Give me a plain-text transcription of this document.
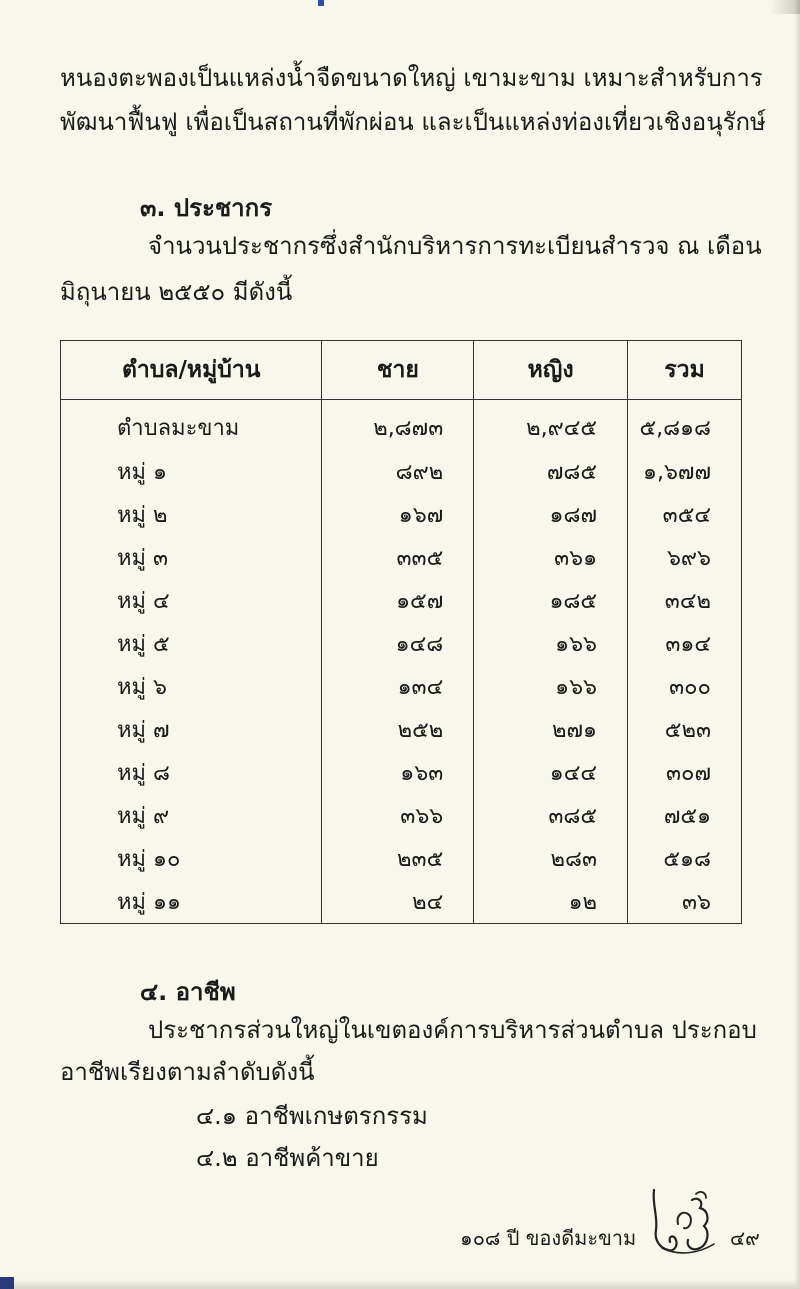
หนองตะพองเป็นแหล่งน้ำจืดขนาดใหญ่ เขามะขาม เหมาะสำหรับการ
พัฒนาฟื้นฟู เพื่อเป็นสถานที่พักผ่อน และเป็นแหล่งท่องเที่ยวเชิงอนุรักษ์
๓. ประชากร
จำนวนประชากรซึ่งสำนักบริหารการทะเบียนสำรวจ ณ เดือน
มิถุนายน ๒๕๕๐ มีดังนี้
ตำบล/หมู่บ้าน	ชาย	หญิง	รวม
ตำบลมะขาม	๒,๘๗๓	๒,๙๔๕	๕,๘๑๘
หมู่ ๑	๘๙๒	๗๘๕	๑,๖๗๗
หมู่ ๒	๑๖๗	๑๘๗	๓๕๔
หมู่ ๓	๓๓๕	๓๖๑	๖๙๖
หมู่ ๔	๑๕๗	๑๘๕	๓๔๒
หมู่ ๕	๑๔๘	๑๖๖	๓๑๔
หมู่ ๖	๑๓๔	๑๖๖	๓๐๐
หมู่ ๗	๒๕๒	๒๗๑	๕๒๓
หมู่ ๘	๑๖๓	๑๔๔	๓๐๗
หมู่ ๙	๓๖๖	๓๘๕	๗๕๑
หมู่ ๑๐	๒๓๕	๒๘๓	๕๑๘
หมู่ ๑๑	๒๔	๑๒	๓๖
๔. อาชีพ
ประชากรส่วนใหญ่ในเขตองค์การบริหารส่วนตำบล ประกอบ
อาชีพเรียงตามลำดับดังนี้
๔.๑ อาชีพเกษตรกรรม
๔.๒ อาชีพค้าขาย
๑๐๘ ปี ของดีมะขาม	๔๙
